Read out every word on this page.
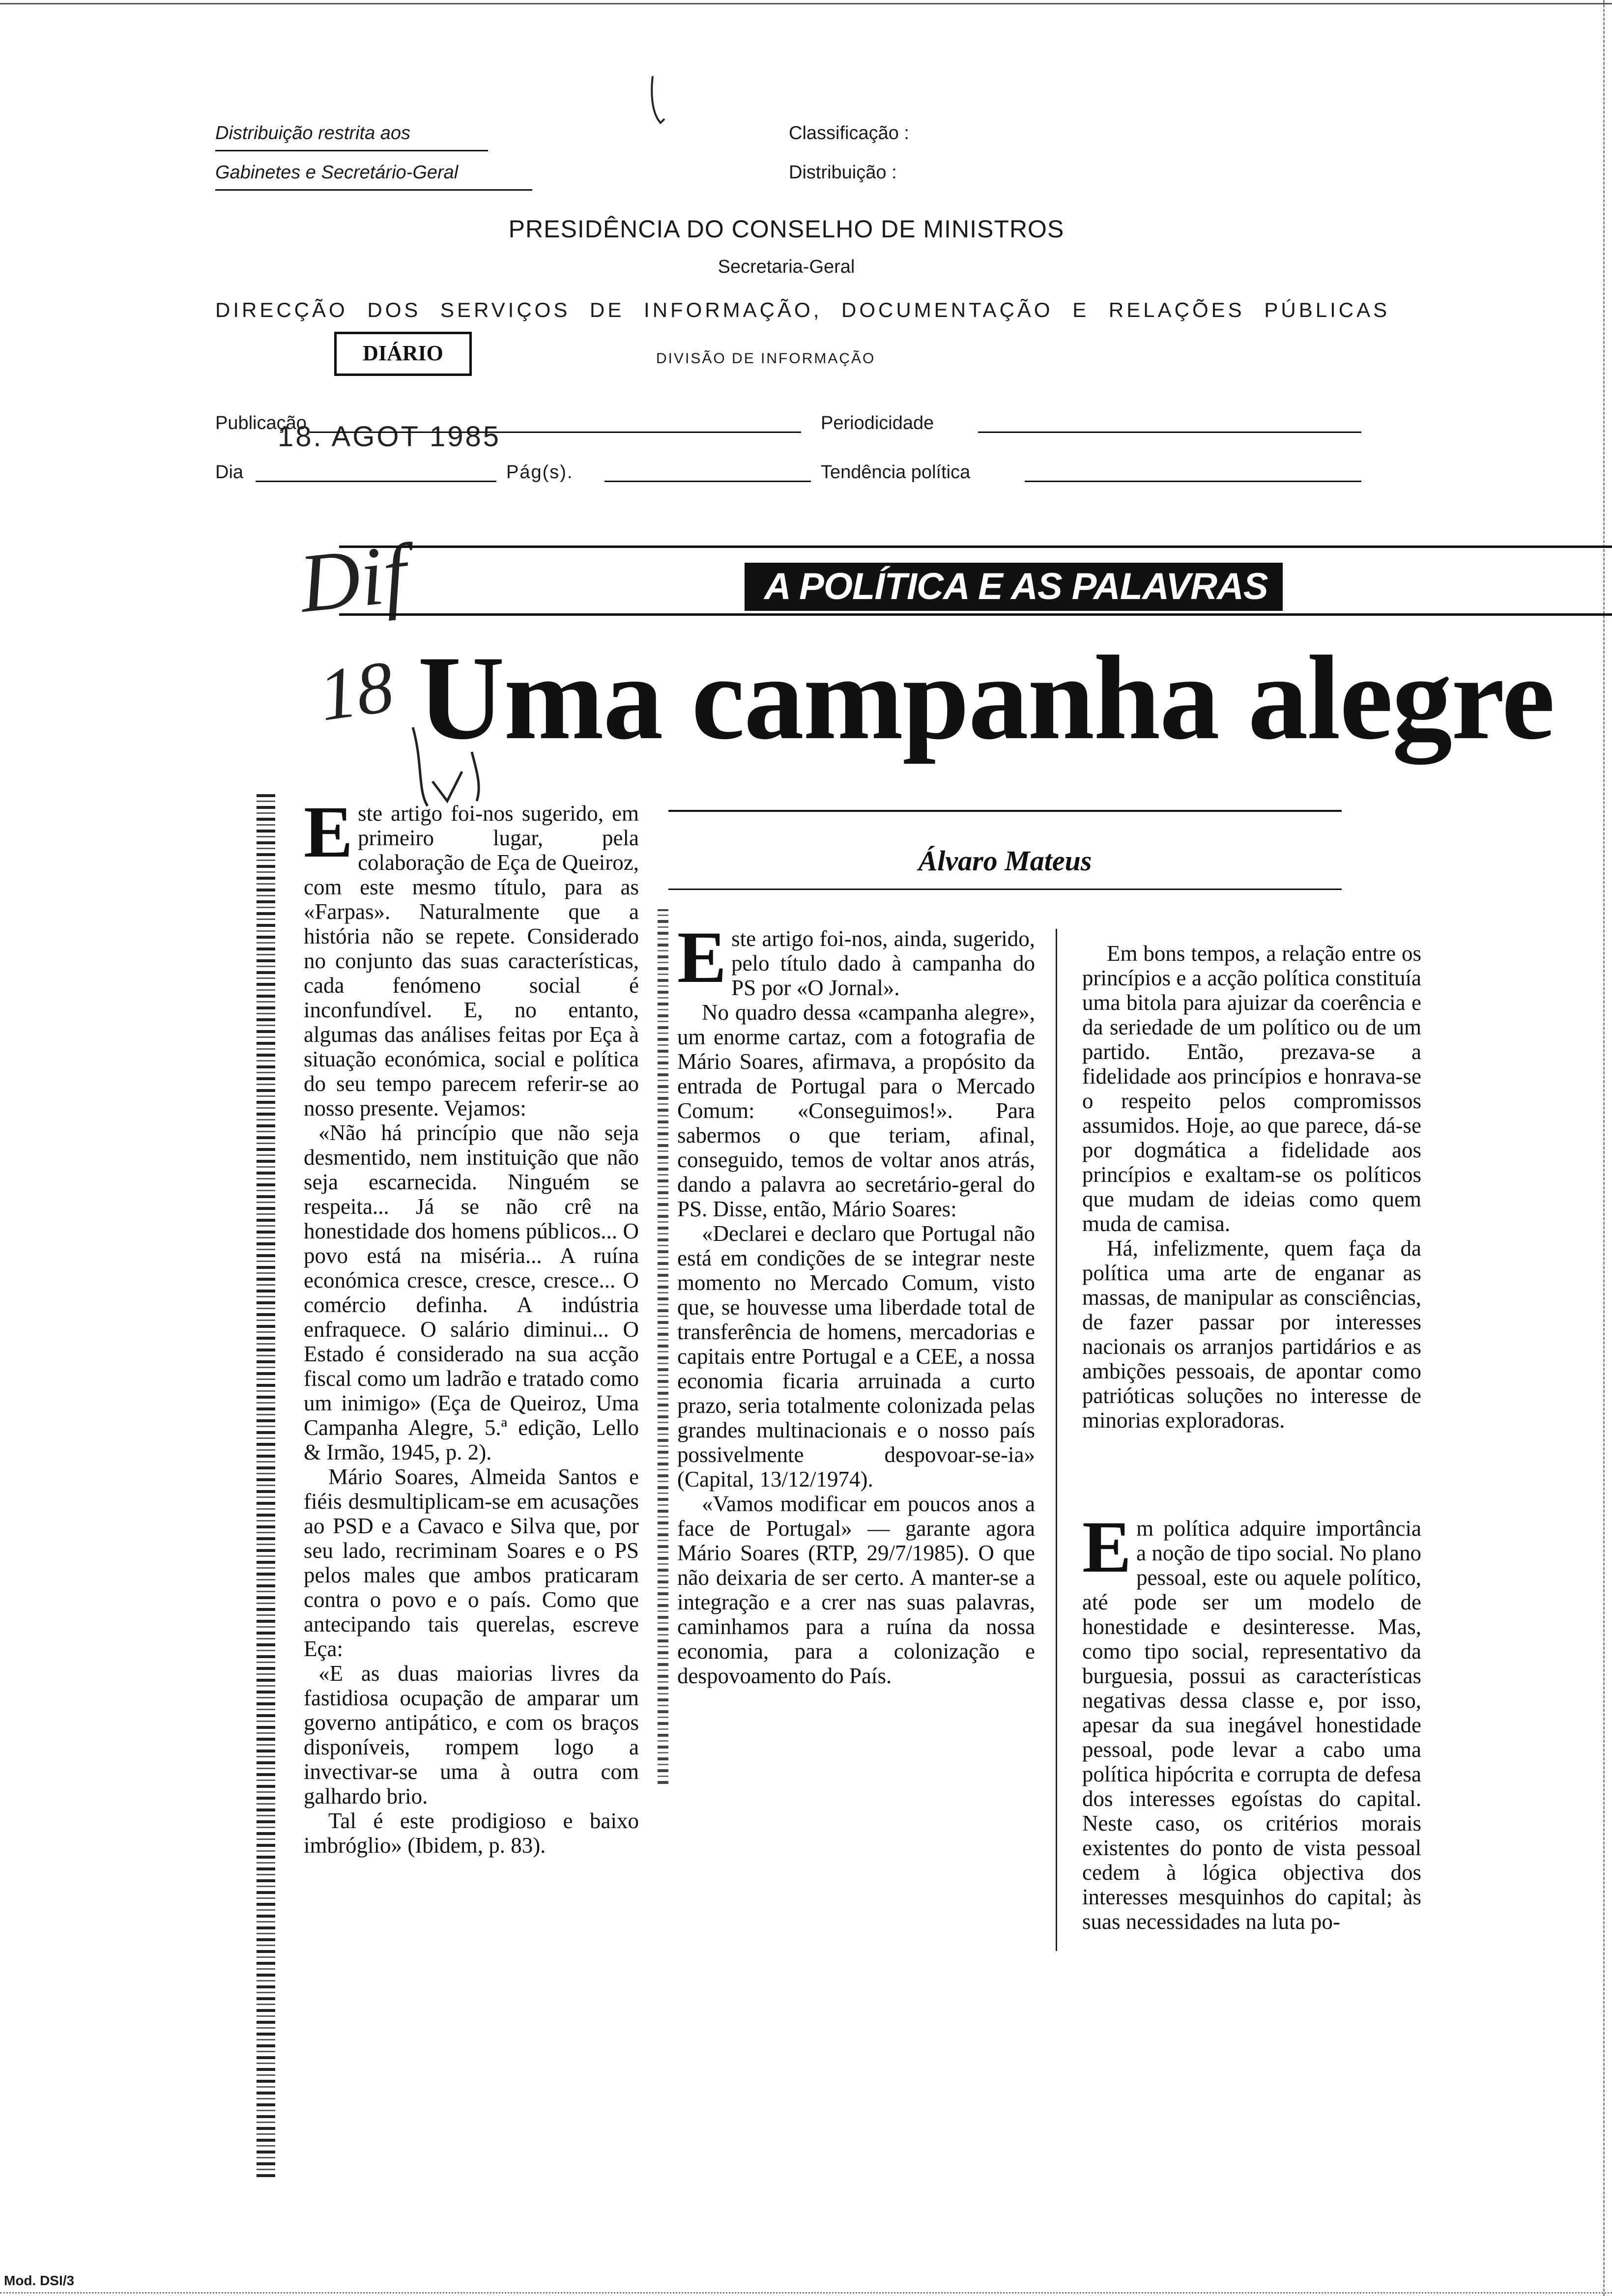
Distribuição restrita aos
Gabinetes e Secretário-Geral
Classificação :
Distribuição :
PRESIDÊNCIA DO CONSELHO DE MINISTROS
Secretaria-Geral
DIRECÇÃO DOS SERVIÇOS DE INFORMAÇÃO, DOCUMENTAÇÃO E RELAÇÕES PÚBLICAS
DIÁRIO	DIVISÃO DE INFORMAÇÃO
Publicação
18. AGOT 1985	Periodicidade
Dia	Pág(s).	Tendência política
Dif
18
A POLÍTICA E AS PALAVRAS
Uma campanha alegre
Álvaro Mateus

Este artigo foi-nos sugerido, em primeiro lugar, pela colaboração de Eça de Queiroz, com este mesmo título, para as «Farpas». Naturalmente que a história não se repete. Considerado no conjunto das suas características, cada fenómeno social é inconfundível. E, no entanto, algumas das análises feitas por Eça à situação económica, social e política do seu tempo parecem referir-se ao nosso presente. Vejamos:

«Não há princípio que não seja desmentido, nem instituição que não seja escarnecida. Ninguém se respeita... Já se não crê na honestidade dos homens públicos... O povo está na miséria... A ruína económica cresce, cresce, cresce... O comércio definha. A indústria enfraquece. O salário diminui... O Estado é considerado na sua acção fiscal como um ladrão e tratado como um inimigo» (Eça de Queiroz, Uma Campanha Alegre, 5.ª edição, Lello & Irmão, 1945, p. 2).

Mário Soares, Almeida Santos e fiéis desmultiplicam-se em acusações ao PSD e a Cavaco e Silva que, por seu lado, recriminam Soares e o PS pelos males que ambos praticaram contra o povo e o país. Como que antecipando tais querelas, escreve Eça:

«E as duas maiorias livres da fastidiosa ocupação de amparar um governo antipático, e com os braços disponíveis, rompem logo a invectivar-se uma à outra com galhardo brio.

Tal é este prodigioso e baixo imbróglio» (Ibidem, p. 83).

Este artigo foi-nos, ainda, sugerido, pelo título dado à campanha do PS por «O Jornal».

No quadro dessa «campanha alegre», um enorme cartaz, com a fotografia de Mário Soares, afirmava, a propósito da entrada de Portugal para o Mercado Comum: «Conseguimos!». Para sabermos o que teriam, afinal, conseguido, temos de voltar anos atrás, dando a palavra ao secretário-geral do PS. Disse, então, Mário Soares:

«Declarei e declaro que Portugal não está em condições de se integrar neste momento no Mercado Comum, visto que, se houvesse uma liberdade total de transferência de homens, mercadorias e capitais entre Portugal e a CEE, a nossa economia ficaria arruinada a curto prazo, seria totalmente colonizada pelas grandes multinacionais e o nosso país possivelmente despovoar-se-ia» (Capital, 13/12/1974).

«Vamos modificar em poucos anos a face de Portugal» — garante agora Mário Soares (RTP, 29/7/1985). O que não deixaria de ser certo. A manter-se a integração e a crer nas suas palavras, caminhamos para a ruína da nossa economia, para a colonização e despovoamento do País.

Em bons tempos, a relação entre os princípios e a acção política constituía uma bitola para ajuizar da coerência e da seriedade de um político ou de um partido. Então, prezava-se a fidelidade aos princípios e honrava-se o respeito pelos compromissos assumidos. Hoje, ao que parece, dá-se por dogmática a fidelidade aos princípios e exaltam-se os políticos que mudam de ideias como quem muda de camisa.

Há, infelizmente, quem faça da política uma arte de enganar as massas, de manipular as consciências, de fazer passar por interesses nacionais os arranjos partidários e as ambições pessoais, de apontar como patrióticas soluções no interesse de minorias exploradoras.

Em política adquire importância a noção de tipo social. No plano pessoal, este ou aquele político, até pode ser um modelo de honestidade e desinteresse. Mas, como tipo social, representativo da burguesia, possui as características negativas dessa classe e, por isso, apesar da sua inegável honestidade pessoal, pode levar a cabo uma política hipócrita e corrupta de defesa dos interesses egoístas do capital. Neste caso, os critérios morais existentes do ponto de vista pessoal cedem à lógica objectiva dos interesses mesquinhos do capital; às suas necessidades na luta po-

Mod. DSI/3
